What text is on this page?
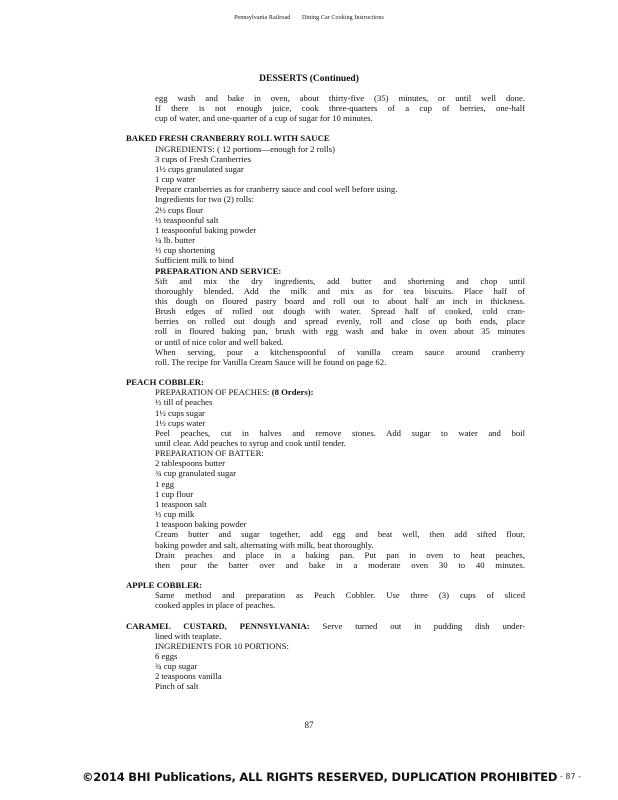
Pennsylvania Railroad Dining Car Cooking Instructions
DESSERTS (Continued)
egg wash and bake in oven, about thirty-five (35) minutes, or until well done.
If there is not enough juice, cook three-quarters of a cup of berries, one-half
cup of water, and one-quarter of a cup of sugar for 10 minutes.
BAKED FRESH CRANBERRY ROLL WITH SAUCE
INGREDIENTS: ( 12 portions—enough for 2 rolls)
3 cups of Fresh Cranberries
1½ cups granulated sugar
1 cup water
Prepare cranberries as for cranberry sauce and cool well before using.
Ingredients for two (2) rolls:
2½ cups flour
½ teaspoonful salt
1 teaspoonful baking powder
¼ lb. butter
½ cup shortening
Sufficient milk to bind
PREPARATION AND SERVICE:
Sift and mix the dry ingredients, add butter and shortening and chop until
thoroughly blended. Add the milk and mix as for tea biscuits. Place half of
this dough on floured pastry board and roll out to about half an inch in thickness.
Brush edges of rolled out dough with water. Spread half of cooked, cold cran-
berries on rolled out dough and spread evenly, roll and close up both ends, place
roll in floured baking pan, brush with egg wash and bake in oven about 35 minutes
or until of nice color and well baked.
When serving, pour a kitchenspoonful of vanilla cream sauce around cranberry
roll. The recipe for Vanilla Cream Sauce will be found on page 62.
PEACH COBBLER:
PREPARATION OF PEACHES: (8 Orders):
½ till of peaches
1½ cups sugar
1½ cups water
Peel peaches, cut in halves and remove stones. Add sugar to water and boil
until clear. Add peaches to syrup and cook until tender.
PREPARATION OF BATTER:
2 tablespoons butter
¾ cup granulated sugar
1 egg
1 cup flour
1 teaspoon salt
½ cup milk
1 teaspoon baking powder
Cream butter and sugar together, add egg and beat well, then add sifted flour,
baking powder and salt, alternating with milk, beat thoroughly.
Drain peaches and place in a baking pan. Put pan in oven to heat peaches,
then pour the batter over and bake in a moderate oven 30 to 40 minutes.
APPLE COBBLER:
Same method and preparation as Peach Cobbler. Use three (3) cups of sliced
cooked apples in place of peaches.
CARAMEL CUSTARD, PENNSYLVANIA: Serve turned out in pudding dish under-
lined with teaplate.
INGREDIENTS FOR 10 PORTIONS:
6 eggs
¾ cup sugar
2 teaspoons vanilla
Pinch of salt
87
©2014 BHI Publications, ALL RIGHTS RESERVED, DUPLICATION PROHIBITED - 87 -
